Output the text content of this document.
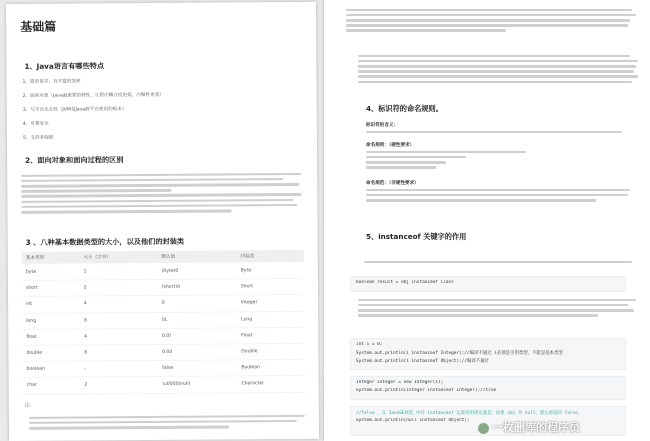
基础篇
1、Java语言有哪些特点
1、简单易学，有丰富的类库
2、面向对象（Java最重要的特性，让程序耦合度更低，内聚性更高）
3、与平台无关性（JVM是Java跨平台使用的根本）
4、可靠安全
5、支持多线程
2、面向对象和面向过程的区别
3 、八种基本数据类型的大小，以及他们的封装类
基本类型	大小（字节）	默认值	封装类
byte	1	(byte)0	Byte
short	2	(short)0	Short
int	4	0	Integer
long	8	0L	Long
float	4	0.0f	Float
double	8	0.0d	Double
boolean	-	false	Boolean
char	2	\u0000(null)	Character
注：
4、标识符的命名规则。
标识符的含义：
命名规则：（硬性要求）
命名规范：（非硬性要求）
5、instanceof 关键字的作用
boolean result = obj instanceof Class
int i = 0;
System.out.println(i instanceof Integer);//编译不通过 i必须是引用类型，不能是基本类型
System.out.println(i instanceof Object);//编译不通过
Integer integer = new Integer(1);
System.out.println(integer instanceof Integer);//true
//false ，在 JavaSE规范 中对 instanceof 运算符的规定就是：如果 obj 为 null，那么将返回 false。
System.out.println(null instanceof Object);
一枚删库的程序员
